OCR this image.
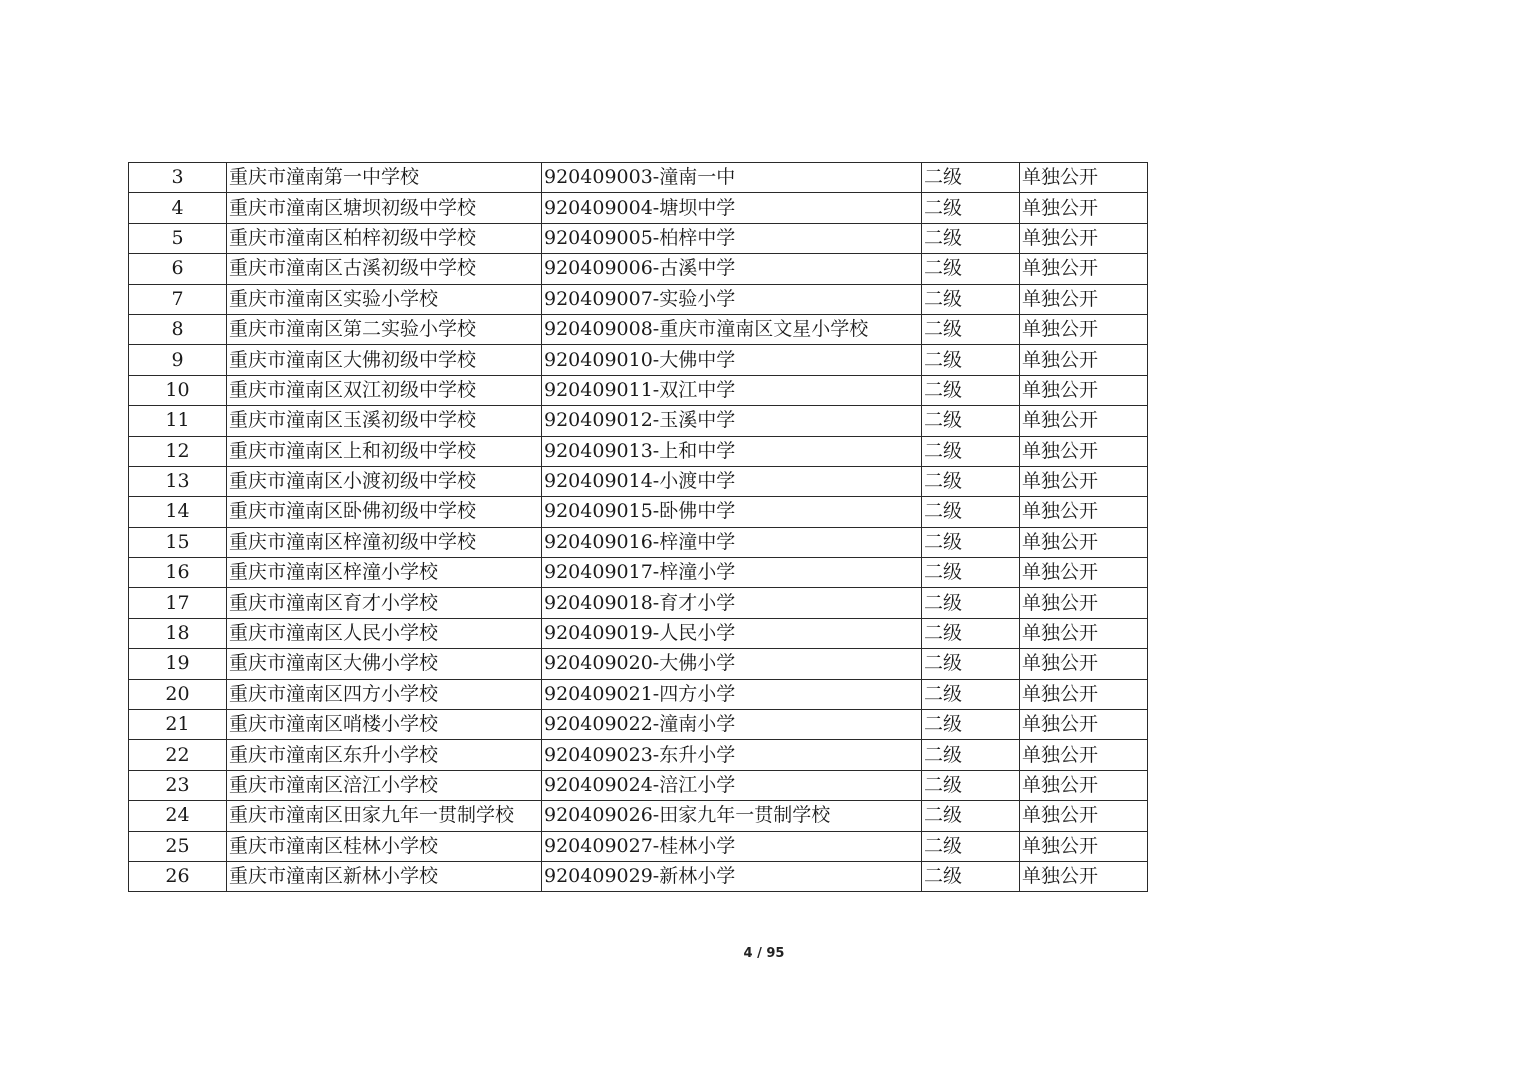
3	重庆市潼南第一中学校	920409003-潼南一中	二级	单独公开
4	重庆市潼南区塘坝初级中学校	920409004-塘坝中学	二级	单独公开
5	重庆市潼南区柏梓初级中学校	920409005-柏梓中学	二级	单独公开
6	重庆市潼南区古溪初级中学校	920409006-古溪中学	二级	单独公开
7	重庆市潼南区实验小学校	920409007-实验小学	二级	单独公开
8	重庆市潼南区第二实验小学校	920409008-重庆市潼南区文星小学校	二级	单独公开
9	重庆市潼南区大佛初级中学校	920409010-大佛中学	二级	单独公开
10	重庆市潼南区双江初级中学校	920409011-双江中学	二级	单独公开
11	重庆市潼南区玉溪初级中学校	920409012-玉溪中学	二级	单独公开
12	重庆市潼南区上和初级中学校	920409013-上和中学	二级	单独公开
13	重庆市潼南区小渡初级中学校	920409014-小渡中学	二级	单独公开
14	重庆市潼南区卧佛初级中学校	920409015-卧佛中学	二级	单独公开
15	重庆市潼南区梓潼初级中学校	920409016-梓潼中学	二级	单独公开
16	重庆市潼南区梓潼小学校	920409017-梓潼小学	二级	单独公开
17	重庆市潼南区育才小学校	920409018-育才小学	二级	单独公开
18	重庆市潼南区人民小学校	920409019-人民小学	二级	单独公开
19	重庆市潼南区大佛小学校	920409020-大佛小学	二级	单独公开
20	重庆市潼南区四方小学校	920409021-四方小学	二级	单独公开
21	重庆市潼南区哨楼小学校	920409022-潼南小学	二级	单独公开
22	重庆市潼南区东升小学校	920409023-东升小学	二级	单独公开
23	重庆市潼南区涪江小学校	920409024-涪江小学	二级	单独公开
24	重庆市潼南区田家九年一贯制学校	920409026-田家九年一贯制学校	二级	单独公开
25	重庆市潼南区桂林小学校	920409027-桂林小学	二级	单独公开
26	重庆市潼南区新林小学校	920409029-新林小学	二级	单独公开
4 / 95
